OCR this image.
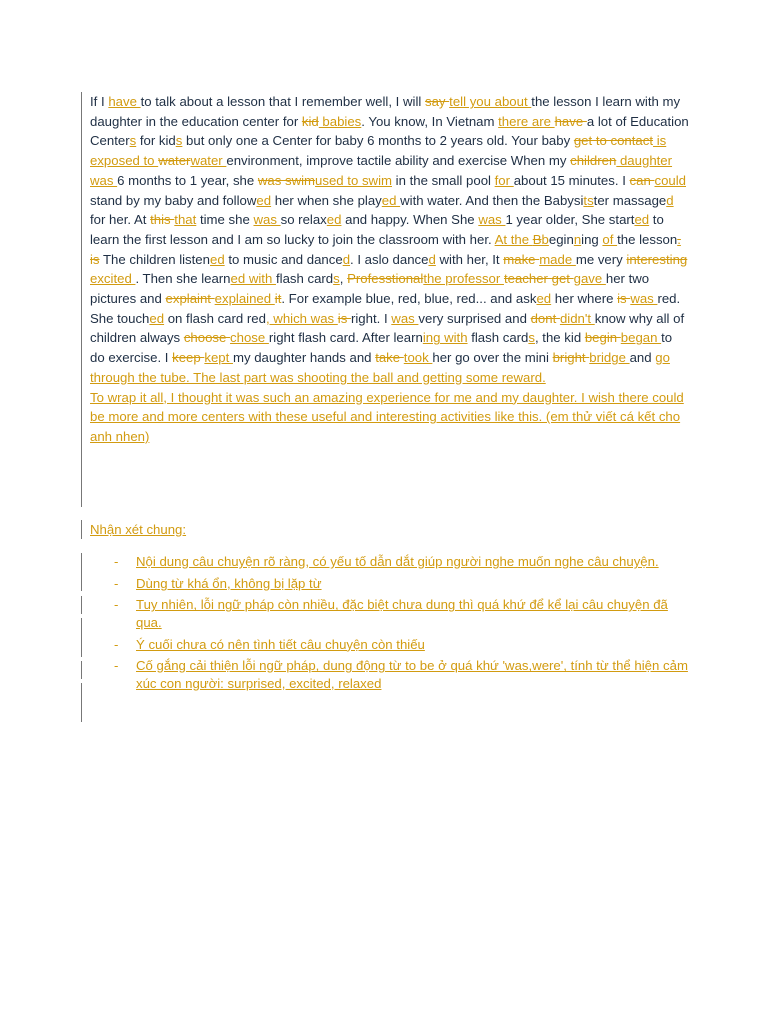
If I have to talk about a lesson that I remember well, I will say tell you about the lesson I learn with my daughter in the education center for kid babies. You know, In Vietnam there are have a lot of Education Centers for kids but only one a Center for baby 6 months to 2 years old. Your baby get to contact is exposed to waterwater environment, improve tactile ability and exercise When my children daughter was 6 months to 1 year, she was swimused to swim in the small pool for about 15 minutes. I can could stand by my baby and followed her when she played with water. And then the Babysitster massaged for her. At this that time she was so relaxed and happy. When She was 1 year older, She started to learn the first lesson and I am so lucky to join the classroom with her. At the Bbeginning of the lesson. is The children listened to music and danced. I aslo danced with her, It make made me very interesting excited . Then she learned with flash cards, Professtionalthe professor teacher get gave her two pictures and explaint explained it. For example blue, red, blue, red... and asked her where is was red. She touched on flash card red, which was is right. I was very surprised and dont didn't know why all of children always choose chose right flash card. After learning with flash cards, the kid begin began to do exercise. I keep kept my daughter hands and take took her go over the mini bright bridge and go through the tube. The last part was shooting the ball and getting some reward.
To wrap it all, I thought it was such an amazing experience for me and my daughter. I wish there could be more and more centers with these useful and interesting activities like this. (em thử viết cá kết cho anh nhen)

Nhận xét chung:
- Nội dung câu chuyện rõ ràng, có yếu tố dẫn dắt giúp người nghe muốn nghe câu chuyện.
- Dùng từ khá ổn, không bị lặp từ
- Tuy nhiên, lỗi ngữ pháp còn nhiều, đặc biệt chưa dung thì quá khứ để kể lại câu chuyện đã qua.
- Ý cuối chưa có nên tình tiết câu chuyện còn thiếu
- Cố gắng cải thiện lỗi ngữ pháp, dung động từ to be ở quá khứ 'was,were', tính từ thể hiện cảm xúc con người: surprised, excited, relaxed
